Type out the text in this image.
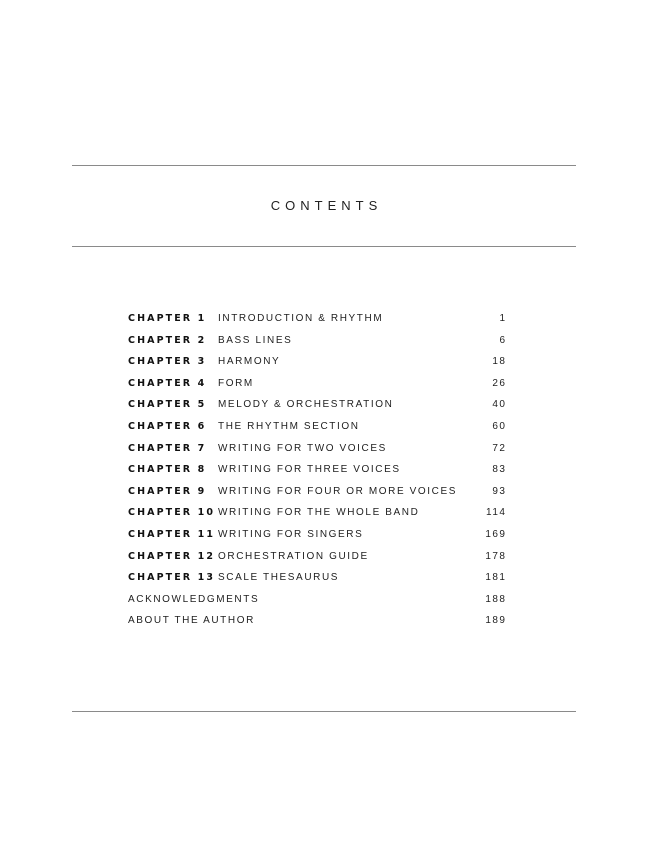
CONTENTS
CHAPTER 1 INTRODUCTION & RHYTHM	1
CHAPTER 2 BASS LINES	6
CHAPTER 3 HARMONY	18
CHAPTER 4 FORM	26
CHAPTER 5 MELODY & ORCHESTRATION	40
CHAPTER 6 THE RHYTHM SECTION	60
CHAPTER 7 WRITING FOR TWO VOICES	72
CHAPTER 8 WRITING FOR THREE VOICES	83
CHAPTER 9 WRITING FOR FOUR OR MORE VOICES	93
CHAPTER 10 WRITING FOR THE WHOLE BAND	114
CHAPTER 11 WRITING FOR SINGERS	169
CHAPTER 12 ORCHESTRATION GUIDE	178
CHAPTER 13 SCALE THESAURUS	181
ACKNOWLEDGMENTS	188
ABOUT THE AUTHOR	189
